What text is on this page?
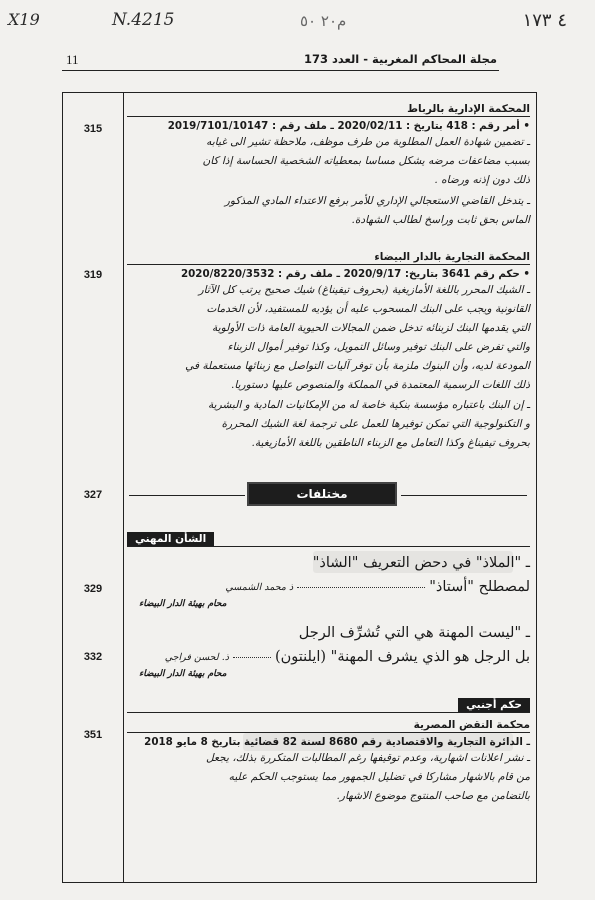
۱۷۳ ٤
N.4215
X19	م٢٠ ٥٠
11	مجلة المحاكم المغربية - العدد 173
المحكمة الإدارية بالرباط
• أمر رقم : 418 بتاريخ : 2020/02/11 ـ ملف رقم : 2019/7101/10147
ـ تضمين شهادة العمل المطلوبة من طرف موظف، ملاحظة تشير الى غيابه
بسبب مضاعفات مرضه يشكل مساسا بمعطياته الشخصية الحساسة إذا كان
ذلك دون إذنه ورضاه .
ـ يتدخل القاضي الاستعجالي الإداري للأمر برفع الاعتداء المادي المذكور
الماس بحق ثابت وراسخ لطالب الشهادة.
315
المحكمة التجارية بالدار البيضاء
• حكم رقم 3641 بتاريخ: 2020/9/17 ـ ملف رقم : 2020/8220/3532
ـ الشيك المحرر باللغة الأمازيغية (بحروف تيفيناغ) شيك صحيح يرتب كل الآثار
القانونية ويجب على البنك المسحوب عليه أن يؤديه للمستفيد، لأن الخدمات
التي يقدمها البنك لزبنائه تدخل ضمن المجالات الحيوية العامة ذات الأولوية
والتي تفرض على البنك توفير وسائل التمويل، وكذا توفير أموال الزبناء
المودعة لديه، وأن البنوك ملزمة بأن توفر آليات التواصل مع زبنائها مستعملة في
ذلك اللغات الرسمية المعتمدة في المملكة والمنصوص عليها دستوريا.
ـ إن البنك باعتباره مؤسسة بنكية خاصة له من الإمكانيات المادية و البشرية
و التكنولوجية التي تمكن توفيرها للعمل على ترجمة لغة الشيك المحررة
بحروف تيفيناغ وكذا التعامل مع الزبناء الناطقين باللغة الأمازيغية.
319
327	مختلفات
الشأن المهني
ـ "الملاذ" في دحض التعريف "الشاذ"
لمصطلح "أستاذ"
ذ محمد الشمسي
محام بهيئة الدار البيضاء
329
ـ "ليست المهنة هي التي تُشرِّف الرجل
بل الرجل هو الذي يشرف المهنة" (ايلنتون)
ذ. لحسن فراجي
محام بهيئة الدار البيضاء
332
حكم أجنبي
محكمة النقض المصرية
ـ الدائرة التجارية والاقتصادية رقم 8680 لسنة 82 قضائية بتاريخ 8 مايو 2018
ـ نشر اعلانات اشهارية، وعدم توقيفها رغم المطالبات المتكررة بذلك، يجعل
من قام بالاشهار مشاركا في تضليل الجمهور مما يستوجب الحكم عليه
بالتضامن مع صاحب المنتوج موضوع الاشهار.
351
